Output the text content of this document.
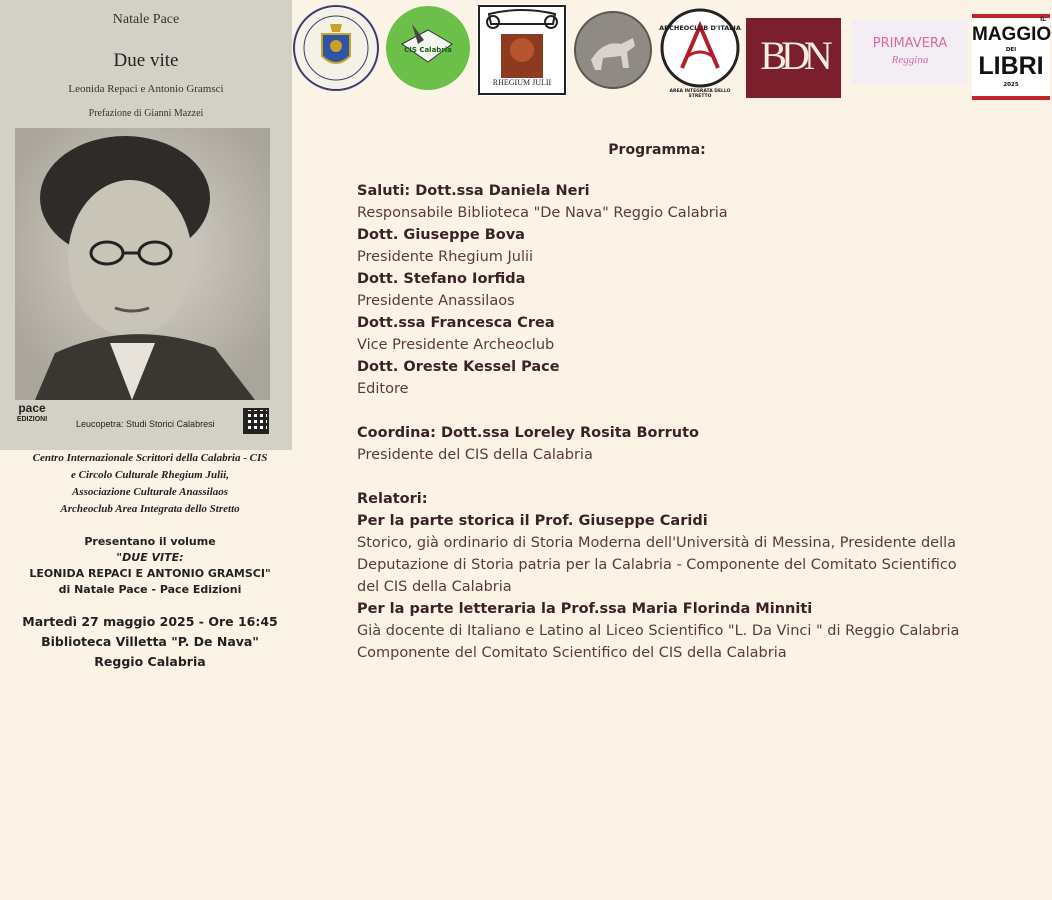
Natale Pace
Due vite
Leonida Repaci e Antonio Gramsci
Prefazione di Gianni Mazzei
pace
EDIZIONI	Leucopetra: Studi Storici Calabresi
CIS Calabria
RHEGIUM JULII
ARCHEOCLUB D'ITALIA
AREA INTEGRATA DELLO STRETTO
BDN	PRIMAVERA
Reggina
IL
MAGGIO
DEI
LIBRI
2025
Centro Internazionale Scrittori della Calabria - CIS
e Circolo Culturale Rhegium Julii,
Associazione Culturale Anassilaos
Archeoclub Area Integrata dello Stretto
Presentano il volume
"DUE VITE:
LEONIDA REPACI E ANTONIO GRAMSCI"
di Natale Pace - Pace Edizioni
Martedì 27 maggio 2025 - Ore 16:45
Biblioteca Villetta "P. De Nava"
Reggio Calabria
Programma:
Saluti: Dott.ssa Daniela Neri
Responsabile Biblioteca "De Nava" Reggio Calabria
Dott. Giuseppe Bova
Presidente Rhegium Julii
Dott. Stefano Iorfida
Presidente Anassilaos
Dott.ssa Francesca Crea
Vice Presidente Archeoclub
Dott. Oreste Kessel Pace
Editore
Coordina: Dott.ssa Loreley Rosita Borruto
Presidente del CIS della Calabria
Relatori:
Per la parte storica il Prof. Giuseppe Caridi
Storico, già ordinario di Storia Moderna dell'Università di Messina, Presidente della
Deputazione di Storia patria per la Calabria - Componente del Comitato Scientifico
del CIS della Calabria
Per la parte letteraria la Prof.ssa Maria Florinda Minniti
Già docente di Italiano e Latino al Liceo Scientifico "L. Da Vinci " di Reggio Calabria
Componente del Comitato Scientifico del CIS della Calabria
